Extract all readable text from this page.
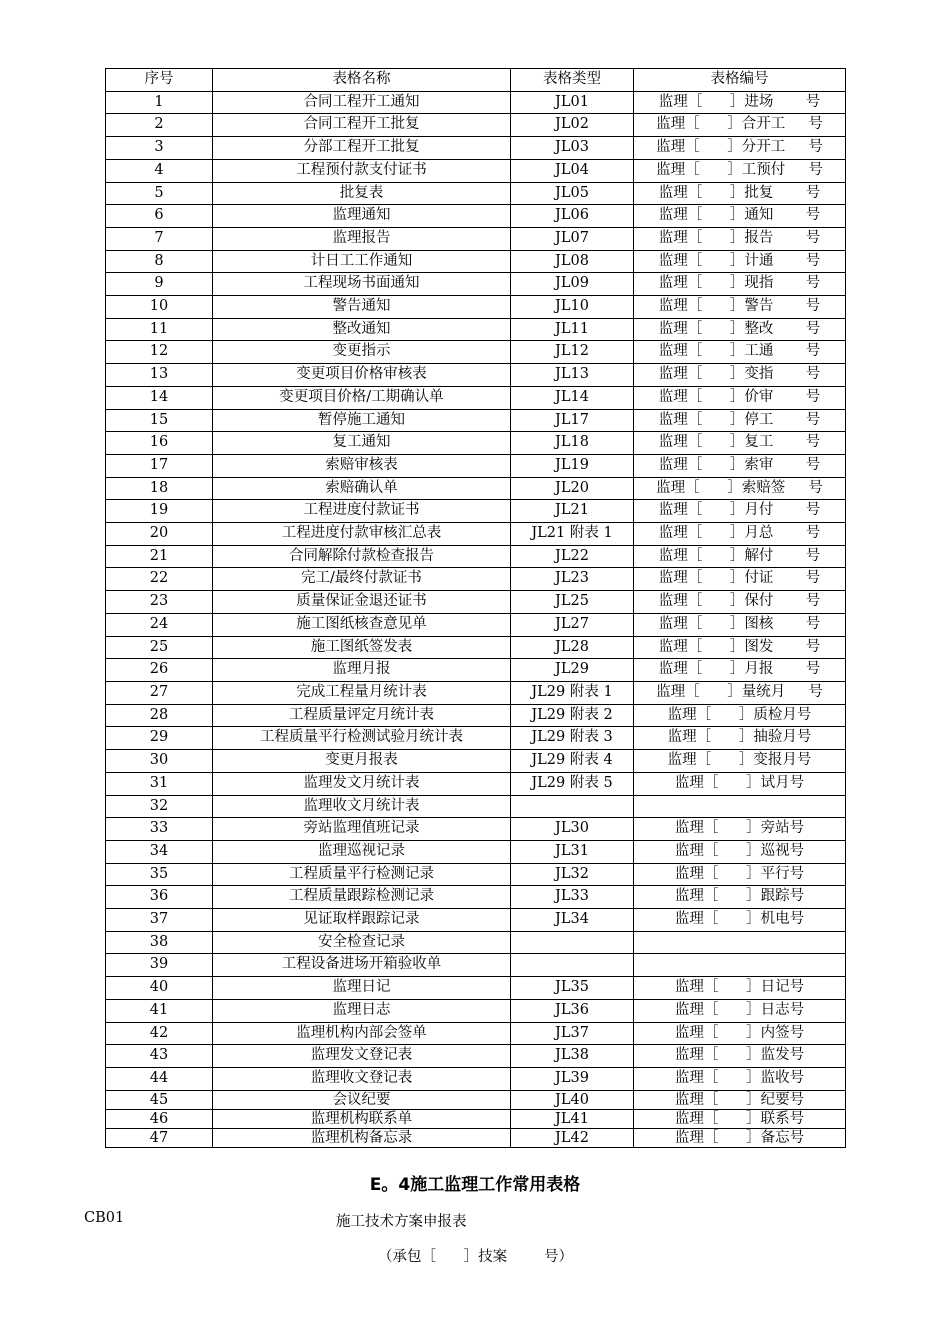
序号	表格名称	表格类型	表格编号
1	合同工程开工通知	JL01	监理［      ］进场       号
2	合同工程开工批复	JL02	监理［      ］合开工     号
3	分部工程开工批复	JL03	监理［      ］分开工     号
4	工程预付款支付证书	JL04	监理［      ］工预付     号
5	批复表	JL05	监理［      ］批复       号
6	监理通知	JL06	监理［      ］通知       号
7	监理报告	JL07	监理［      ］报告       号
8	计日工工作通知	JL08	监理［      ］计通       号
9	工程现场书面通知	JL09	监理［      ］现指       号
10	警告通知	JL10	监理［      ］警告       号
11	整改通知	JL11	监理［      ］整改       号
12	变更指示	JL12	监理［      ］工通       号
13	变更项目价格审核表	JL13	监理［      ］变指       号
14	变更项目价格/工期确认单	JL14	监理［      ］价审       号
15	暂停施工通知	JL17	监理［      ］停工       号
16	复工通知	JL18	监理［      ］复工       号
17	索赔审核表	JL19	监理［      ］索审       号
18	索赔确认单	JL20	监理［      ］索赔签     号
19	工程进度付款证书	JL21	监理［      ］月付       号
20	工程进度付款审核汇总表	JL21 附表 1	监理［      ］月总       号
21	合同解除付款检查报告	JL22	监理［      ］解付       号
22	完工/最终付款证书	JL23	监理［      ］付证       号
23	质量保证金退还证书	JL25	监理［      ］保付       号
24	施工图纸核查意见单	JL27	监理［      ］图核       号
25	施工图纸签发表	JL28	监理［      ］图发       号
26	监理月报	JL29	监理［      ］月报       号
27	完成工程量月统计表	JL29 附表 1	监理［      ］量统月     号
28	工程质量评定月统计表	JL29 附表 2	监理［      ］质检月号
29	工程质量平行检测试验月统计表	JL29 附表 3	监理［      ］抽验月号
30	变更月报表	JL29 附表 4	监理［      ］变报月号
31	监理发文月统计表	JL29 附表 5	监理［      ］试月号
32	监理收文月统计表		
33	旁站监理值班记录	JL30	监理［      ］旁站号
34	监理巡视记录	JL31	监理［      ］巡视号
35	工程质量平行检测记录	JL32	监理［      ］平行号
36	工程质量跟踪检测记录	JL33	监理［      ］跟踪号
37	见证取样跟踪记录	JL34	监理［      ］机电号
38	安全检查记录		
39	工程设备进场开箱验收单		
40	监理日记	JL35	监理［      ］日记号
41	监理日志	JL36	监理［      ］日志号
42	监理机构内部会签单	JL37	监理［      ］内签号
43	监理发文登记表	JL38	监理［      ］监发号
44	监理收文登记表	JL39	监理［      ］监收号
45	会议纪要	JL40	监理［      ］纪要号
46	监理机构联系单	JL41	监理［      ］联系号
47	监理机构备忘录	JL42	监理［      ］备忘号
E。4施工监理工作常用表格
CB01	施工技术方案申报表
（承包［      ］技案        号）
